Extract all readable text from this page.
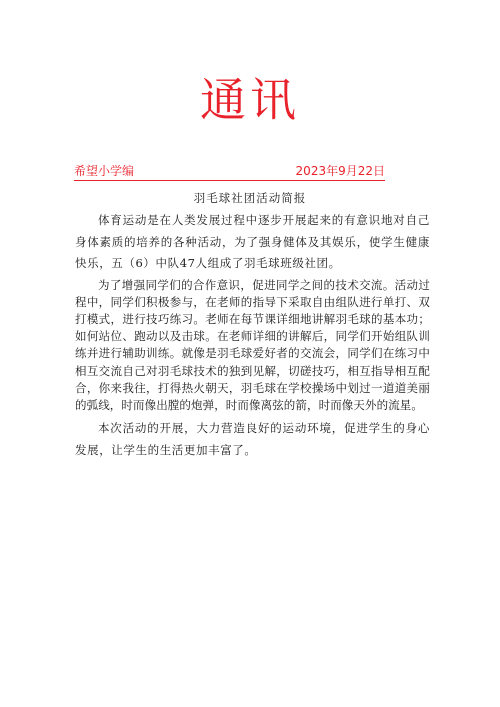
通讯
希望小学编	2023年9月22日
羽毛球社团活动简报

体育运动是在人类发展过程中逐步开展起来的有意识地对自己身体素质的培养的各种活动，为了强身健体及其娱乐，使学生健康快乐，五（6）中队47人组成了羽毛球班级社团。

为了增强同学们的合作意识，促进同学之间的技术交流。活动过程中，同学们积极参与，在老师的指导下采取自由组队进行单打、双打模式，进行技巧练习。老师在每节课详细地讲解羽毛球的基本功；如何站位、跑动以及击球。在老师详细的讲解后，同学们开始组队训练并进行辅助训练。就像是羽毛球爱好者的交流会，同学们在练习中相互交流自己对羽毛球技术的独到见解，切磋技巧，相互指导相互配合，你来我往，打得热火朝天，羽毛球在学校操场中划过一道道美丽的弧线，时而像出膛的炮弹，时而像离弦的箭，时而像天外的流星。

本次活动的开展，大力营造良好的运动环境，促进学生的身心发展，让学生的生活更加丰富了。
